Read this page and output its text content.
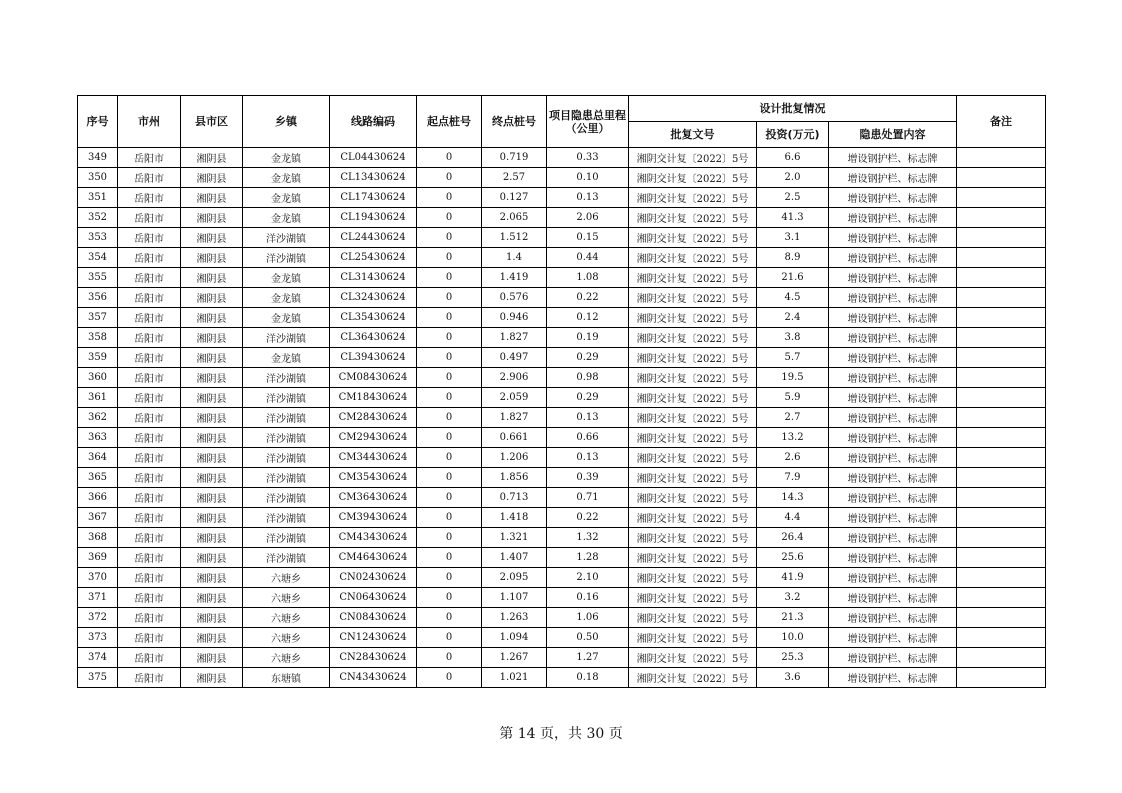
序号	市州	县市区	乡镇	线路编码	起点桩号	终点桩号	项目隐患总里程（公里）	设计批复情况			备注
								批复文号	投资(万元)	隐患处置内容	
349	岳阳市	湘阴县	金龙镇	CL04430624	0	0.719	0.33	湘阴交计复〔2022〕5号	6.6	增设钢护栏、标志牌	
350	岳阳市	湘阴县	金龙镇	CL13430624	0	2.57	0.10	湘阴交计复〔2022〕5号	2.0	增设钢护栏、标志牌	
351	岳阳市	湘阴县	金龙镇	CL17430624	0	0.127	0.13	湘阴交计复〔2022〕5号	2.5	增设钢护栏、标志牌	
352	岳阳市	湘阴县	金龙镇	CL19430624	0	2.065	2.06	湘阴交计复〔2022〕5号	41.3	增设钢护栏、标志牌	
353	岳阳市	湘阴县	洋沙湖镇	CL24430624	0	1.512	0.15	湘阴交计复〔2022〕5号	3.1	增设钢护栏、标志牌	
354	岳阳市	湘阴县	洋沙湖镇	CL25430624	0	1.4	0.44	湘阴交计复〔2022〕5号	8.9	增设钢护栏、标志牌	
355	岳阳市	湘阴县	金龙镇	CL31430624	0	1.419	1.08	湘阴交计复〔2022〕5号	21.6	增设钢护栏、标志牌	
356	岳阳市	湘阴县	金龙镇	CL32430624	0	0.576	0.22	湘阴交计复〔2022〕5号	4.5	增设钢护栏、标志牌	
357	岳阳市	湘阴县	金龙镇	CL35430624	0	0.946	0.12	湘阴交计复〔2022〕5号	2.4	增设钢护栏、标志牌	
358	岳阳市	湘阴县	洋沙湖镇	CL36430624	0	1.827	0.19	湘阴交计复〔2022〕5号	3.8	增设钢护栏、标志牌	
359	岳阳市	湘阴县	金龙镇	CL39430624	0	0.497	0.29	湘阴交计复〔2022〕5号	5.7	增设钢护栏、标志牌	
360	岳阳市	湘阴县	洋沙湖镇	CM08430624	0	2.906	0.98	湘阴交计复〔2022〕5号	19.5	增设钢护栏、标志牌	
361	岳阳市	湘阴县	洋沙湖镇	CM18430624	0	2.059	0.29	湘阴交计复〔2022〕5号	5.9	增设钢护栏、标志牌	
362	岳阳市	湘阴县	洋沙湖镇	CM28430624	0	1.827	0.13	湘阴交计复〔2022〕5号	2.7	增设钢护栏、标志牌	
363	岳阳市	湘阴县	洋沙湖镇	CM29430624	0	0.661	0.66	湘阴交计复〔2022〕5号	13.2	增设钢护栏、标志牌	
364	岳阳市	湘阴县	洋沙湖镇	CM34430624	0	1.206	0.13	湘阴交计复〔2022〕5号	2.6	增设钢护栏、标志牌	
365	岳阳市	湘阴县	洋沙湖镇	CM35430624	0	1.856	0.39	湘阴交计复〔2022〕5号	7.9	增设钢护栏、标志牌	
366	岳阳市	湘阴县	洋沙湖镇	CM36430624	0	0.713	0.71	湘阴交计复〔2022〕5号	14.3	增设钢护栏、标志牌	
367	岳阳市	湘阴县	洋沙湖镇	CM39430624	0	1.418	0.22	湘阴交计复〔2022〕5号	4.4	增设钢护栏、标志牌	
368	岳阳市	湘阴县	洋沙湖镇	CM43430624	0	1.321	1.32	湘阴交计复〔2022〕5号	26.4	增设钢护栏、标志牌	
369	岳阳市	湘阴县	洋沙湖镇	CM46430624	0	1.407	1.28	湘阴交计复〔2022〕5号	25.6	增设钢护栏、标志牌	
370	岳阳市	湘阴县	六塘乡	CN02430624	0	2.095	2.10	湘阴交计复〔2022〕5号	41.9	增设钢护栏、标志牌	
371	岳阳市	湘阴县	六塘乡	CN06430624	0	1.107	0.16	湘阴交计复〔2022〕5号	3.2	增设钢护栏、标志牌	
372	岳阳市	湘阴县	六塘乡	CN08430624	0	1.263	1.06	湘阴交计复〔2022〕5号	21.3	增设钢护栏、标志牌	
373	岳阳市	湘阴县	六塘乡	CN12430624	0	1.094	0.50	湘阴交计复〔2022〕5号	10.0	增设钢护栏、标志牌	
374	岳阳市	湘阴县	六塘乡	CN28430624	0	1.267	1.27	湘阴交计复〔2022〕5号	25.3	增设钢护栏、标志牌	
375	岳阳市	湘阴县	东塘镇	CN43430624	0	1.021	0.18	湘阴交计复〔2022〕5号	3.6	增设钢护栏、标志牌	
第 14 页，共 30 页
